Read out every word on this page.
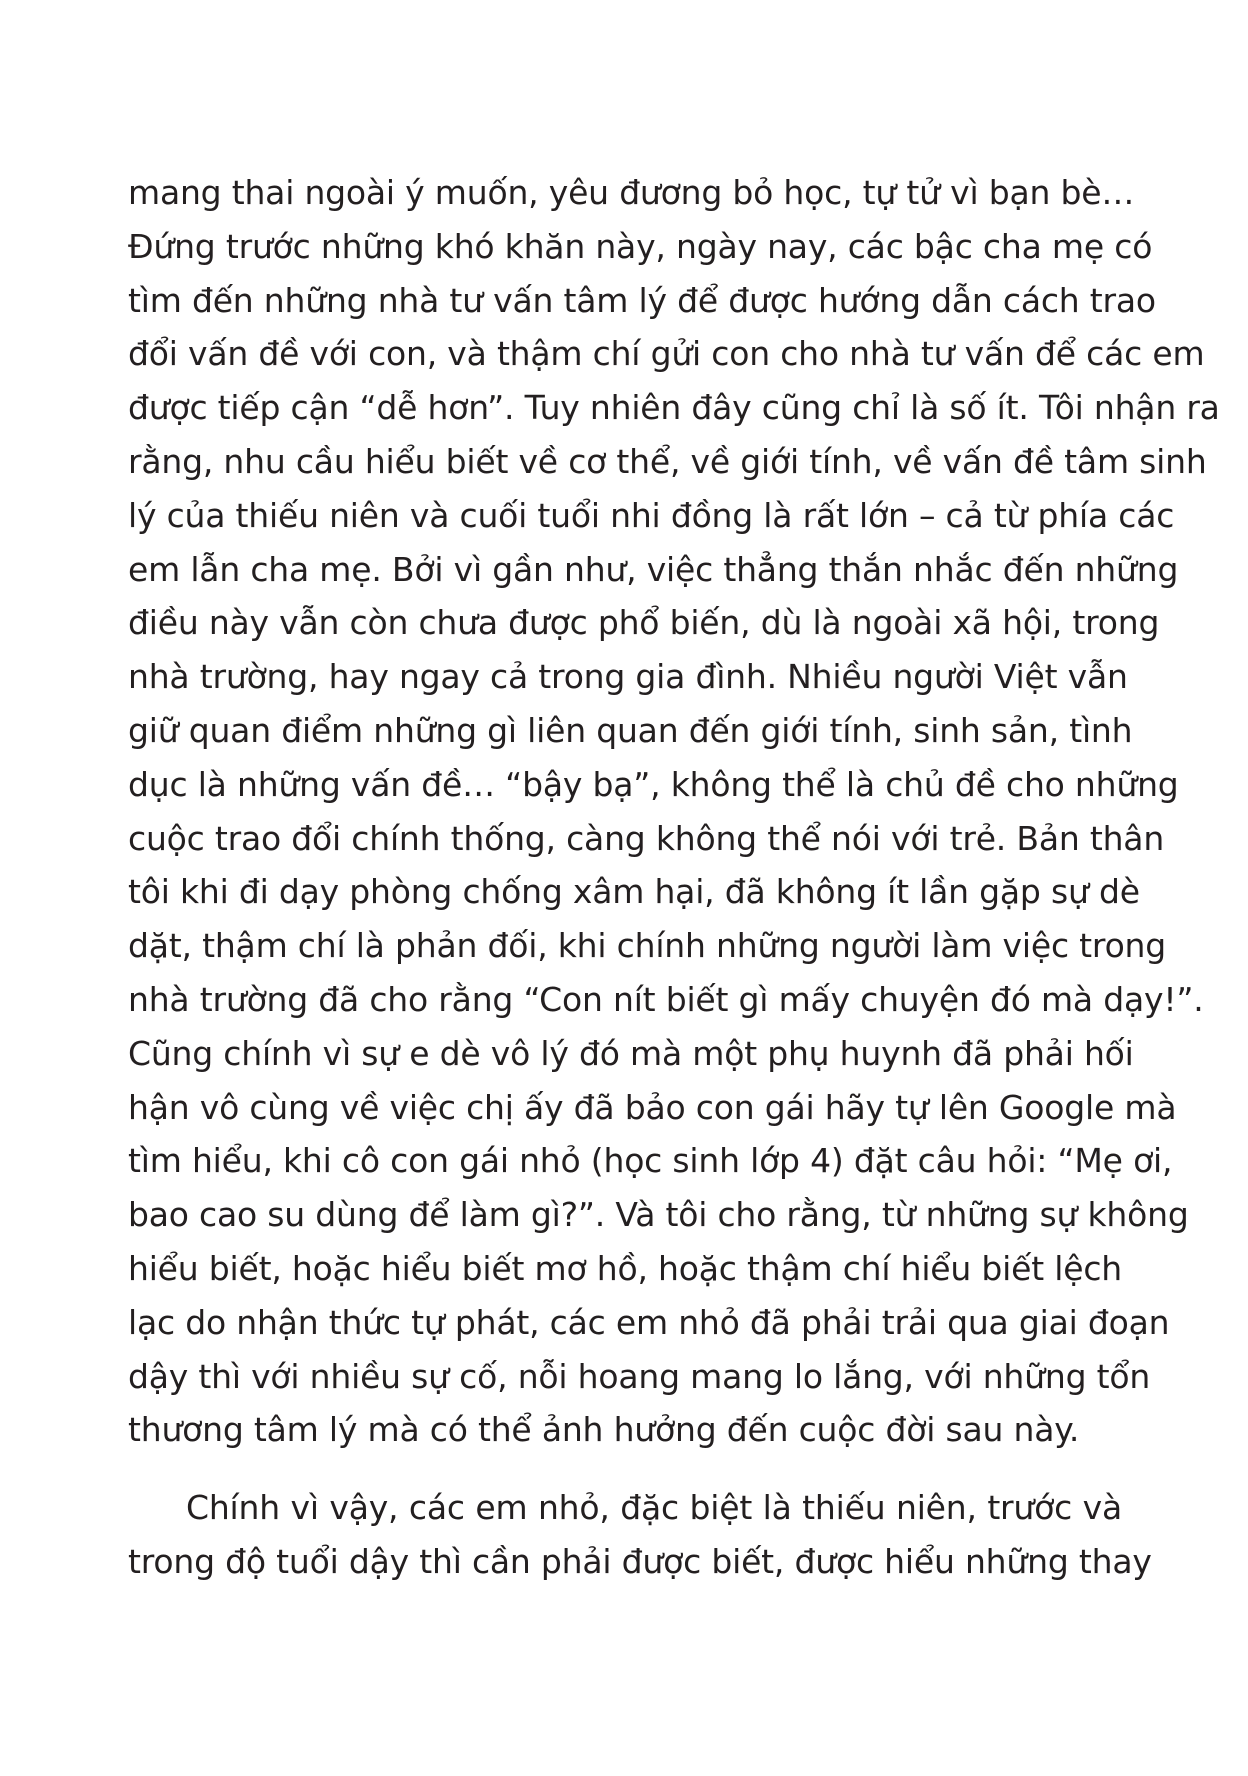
mang thai ngoài ý muốn, yêu đương bỏ học, tự tử vì bạn bè…
Đứng trước những khó khăn này, ngày nay, các bậc cha mẹ có
tìm đến những nhà tư vấn tâm lý để được hướng dẫn cách trao
đổi vấn đề với con, và thậm chí gửi con cho nhà tư vấn để các em
được tiếp cận “dễ hơn”. Tuy nhiên đây cũng chỉ là số ít. Tôi nhận ra
rằng, nhu cầu hiểu biết về cơ thể, về giới tính, về vấn đề tâm sinh
lý của thiếu niên và cuối tuổi nhi đồng là rất lớn – cả từ phía các
em lẫn cha mẹ. Bởi vì gần như, việc thẳng thắn nhắc đến những
điều này vẫn còn chưa được phổ biến, dù là ngoài xã hội, trong
nhà trường, hay ngay cả trong gia đình. Nhiều người Việt vẫn
giữ quan điểm những gì liên quan đến giới tính, sinh sản, tình
dục là những vấn đề… “bậy bạ”, không thể là chủ đề cho những
cuộc trao đổi chính thống, càng không thể nói với trẻ. Bản thân
tôi khi đi dạy phòng chống xâm hại, đã không ít lần gặp sự dè
dặt, thậm chí là phản đối, khi chính những người làm việc trong
nhà trường đã cho rằng “Con nít biết gì mấy chuyện đó mà dạy!”.
Cũng chính vì sự e dè vô lý đó mà một phụ huynh đã phải hối
hận vô cùng về việc chị ấy đã bảo con gái hãy tự lên Google mà
tìm hiểu, khi cô con gái nhỏ (học sinh lớp 4) đặt câu hỏi: “Mẹ ơi,
bao cao su dùng để làm gì?”. Và tôi cho rằng, từ những sự không
hiểu biết, hoặc hiểu biết mơ hồ, hoặc thậm chí hiểu biết lệch
lạc do nhận thức tự phát, các em nhỏ đã phải trải qua giai đoạn
dậy thì với nhiều sự cố, nỗi hoang mang lo lắng, với những tổn
thương tâm lý mà có thể ảnh hưởng đến cuộc đời sau này.
Chính vì vậy, các em nhỏ, đặc biệt là thiếu niên, trước và
trong độ tuổi dậy thì cần phải được biết, được hiểu những thay
